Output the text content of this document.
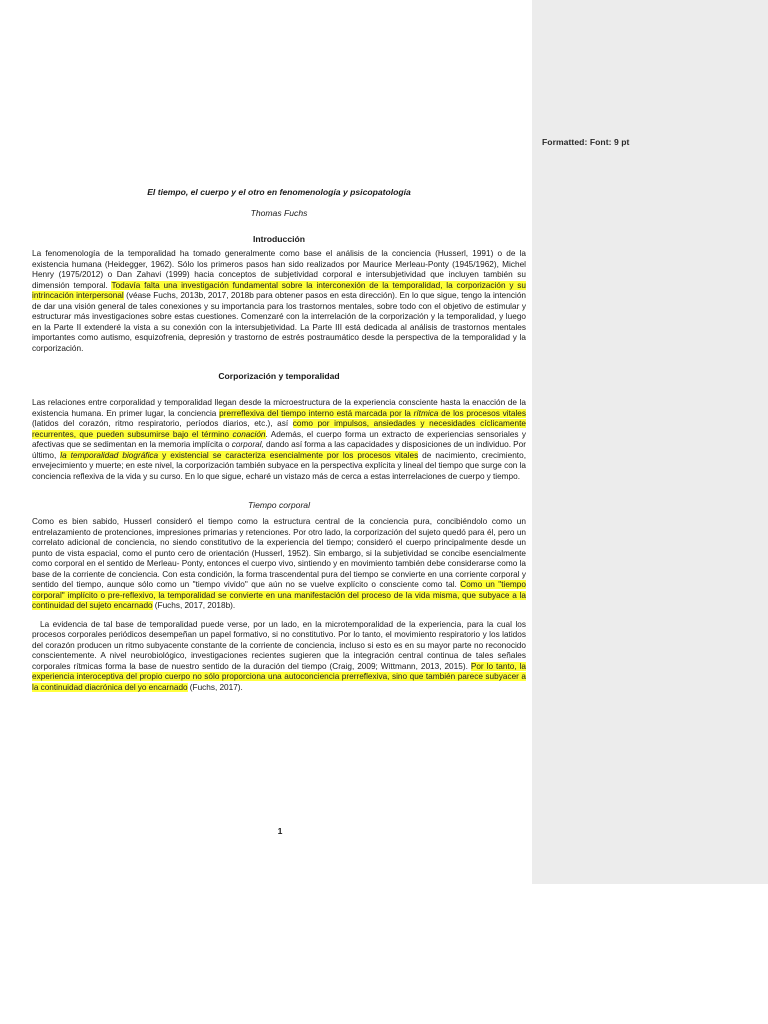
Formatted: Font: 9 pt

El tiempo, el cuerpo y el otro en fenomenología y psicopatología

Thomas Fuchs

Introducción

La fenomenología de la temporalidad ha tomado generalmente como base el análisis de la conciencia (Husserl, 1991) o de la existencia humana (Heidegger, 1962). Sólo los primeros pasos han sido realizados por Maurice Merleau-Ponty (1945/1962), Michel Henry (1975/2012) o Dan Zahavi (1999) hacia conceptos de subjetividad corporal e intersubjetividad que incluyen también su dimensión temporal. Todavía falta una investigación fundamental sobre la interconexión de la temporalidad, la corporización y su intrincación interpersonal (véase Fuchs, 2013b, 2017, 2018b para obtener pasos en esta dirección). En lo que sigue, tengo la intención de dar una visión general de tales conexiones y su importancia para los trastornos mentales, sobre todo con el objetivo de estimular y estructurar más investigaciones sobre estas cuestiones. Comenzaré con la interrelación de la corporización y la temporalidad, y luego en la Parte II extenderé la vista a su conexión con la intersubjetividad. La Parte III está dedicada al análisis de trastornos mentales importantes como autismo, esquizofrenia, depresión y trastorno de estrés postraumático desde la perspectiva de la temporalidad y la corporización.

Corporización y temporalidad

Las relaciones entre corporalidad y temporalidad llegan desde la microestructura de la experiencia consciente hasta la enacción de la existencia humana. En primer lugar, la conciencia prerreflexiva del tiempo interno está marcada por la rítmica de los procesos vitales (latidos del corazón, ritmo respiratorio, períodos diarios, etc.), así como por impulsos, ansiedades y necesidades cíclicamente recurrentes, que pueden subsumirse bajo el término conación. Además, el cuerpo forma un extracto de experiencias sensoriales y afectivas que se sedimentan en la memoria implícita o corporal, dando así forma a las capacidades y disposiciones de un individuo. Por último, la temporalidad biográfica y existencial se caracteriza esencialmente por los procesos vitales de nacimiento, crecimiento, envejecimiento y muerte; en este nivel, la corporización también subyace en la perspectiva explícita y lineal del tiempo que surge con la conciencia reflexiva de la vida y su curso. En lo que sigue, echaré un vistazo más de cerca a estas interrelaciones de cuerpo y tiempo.

Tiempo corporal

Como es bien sabido, Husserl consideró el tiempo como la estructura central de la conciencia pura, concibiéndolo como un entrelazamiento de protenciones, impresiones primarias y retenciones. Por otro lado, la corporización del sujeto quedó para él, pero un correlato adicional de conciencia, no siendo constitutivo de la experiencia del tiempo; consideró el cuerpo principalmente desde un punto de vista espacial, como el punto cero de orientación (Husserl, 1952). Sin embargo, si la subjetividad se concibe esencialmente como corporal en el sentido de Merleau- Ponty, entonces el cuerpo vivo, sintiendo y en movimiento también debe considerarse como la base de la corriente de conciencia. Con esta condición, la forma trascendental pura del tiempo se convierte en una corriente corporal y sentido del tiempo, aunque sólo como un "tiempo vivido" que aún no se vuelve explícito o consciente como tal. Como un "tiempo corporal" implícito o pre-reflexivo, la temporalidad se convierte en una manifestación del proceso de la vida misma, que subyace a la continuidad del sujeto encarnado (Fuchs, 2017, 2018b).

La evidencia de tal base de temporalidad puede verse, por un lado, en la microtemporalidad de la experiencia, para la cual los procesos corporales periódicos desempeñan un papel formativo, si no constitutivo. Por lo tanto, el movimiento respiratorio y los latidos del corazón producen un ritmo subyacente constante de la corriente de conciencia, incluso si esto es en su mayor parte no reconocido conscientemente. A nivel neurobiológico, investigaciones recientes sugieren que la integración central continua de tales señales corporales rítmicas forma la base de nuestro sentido de la duración del tiempo (Craig, 2009; Wittmann, 2013, 2015). Por lo tanto, la experiencia interoceptiva del propio cuerpo no sólo proporciona una autoconciencia prerreflexiva, sino que también parece subyacer a la continuidad diacrónica del yo encarnado (Fuchs, 2017).

1
